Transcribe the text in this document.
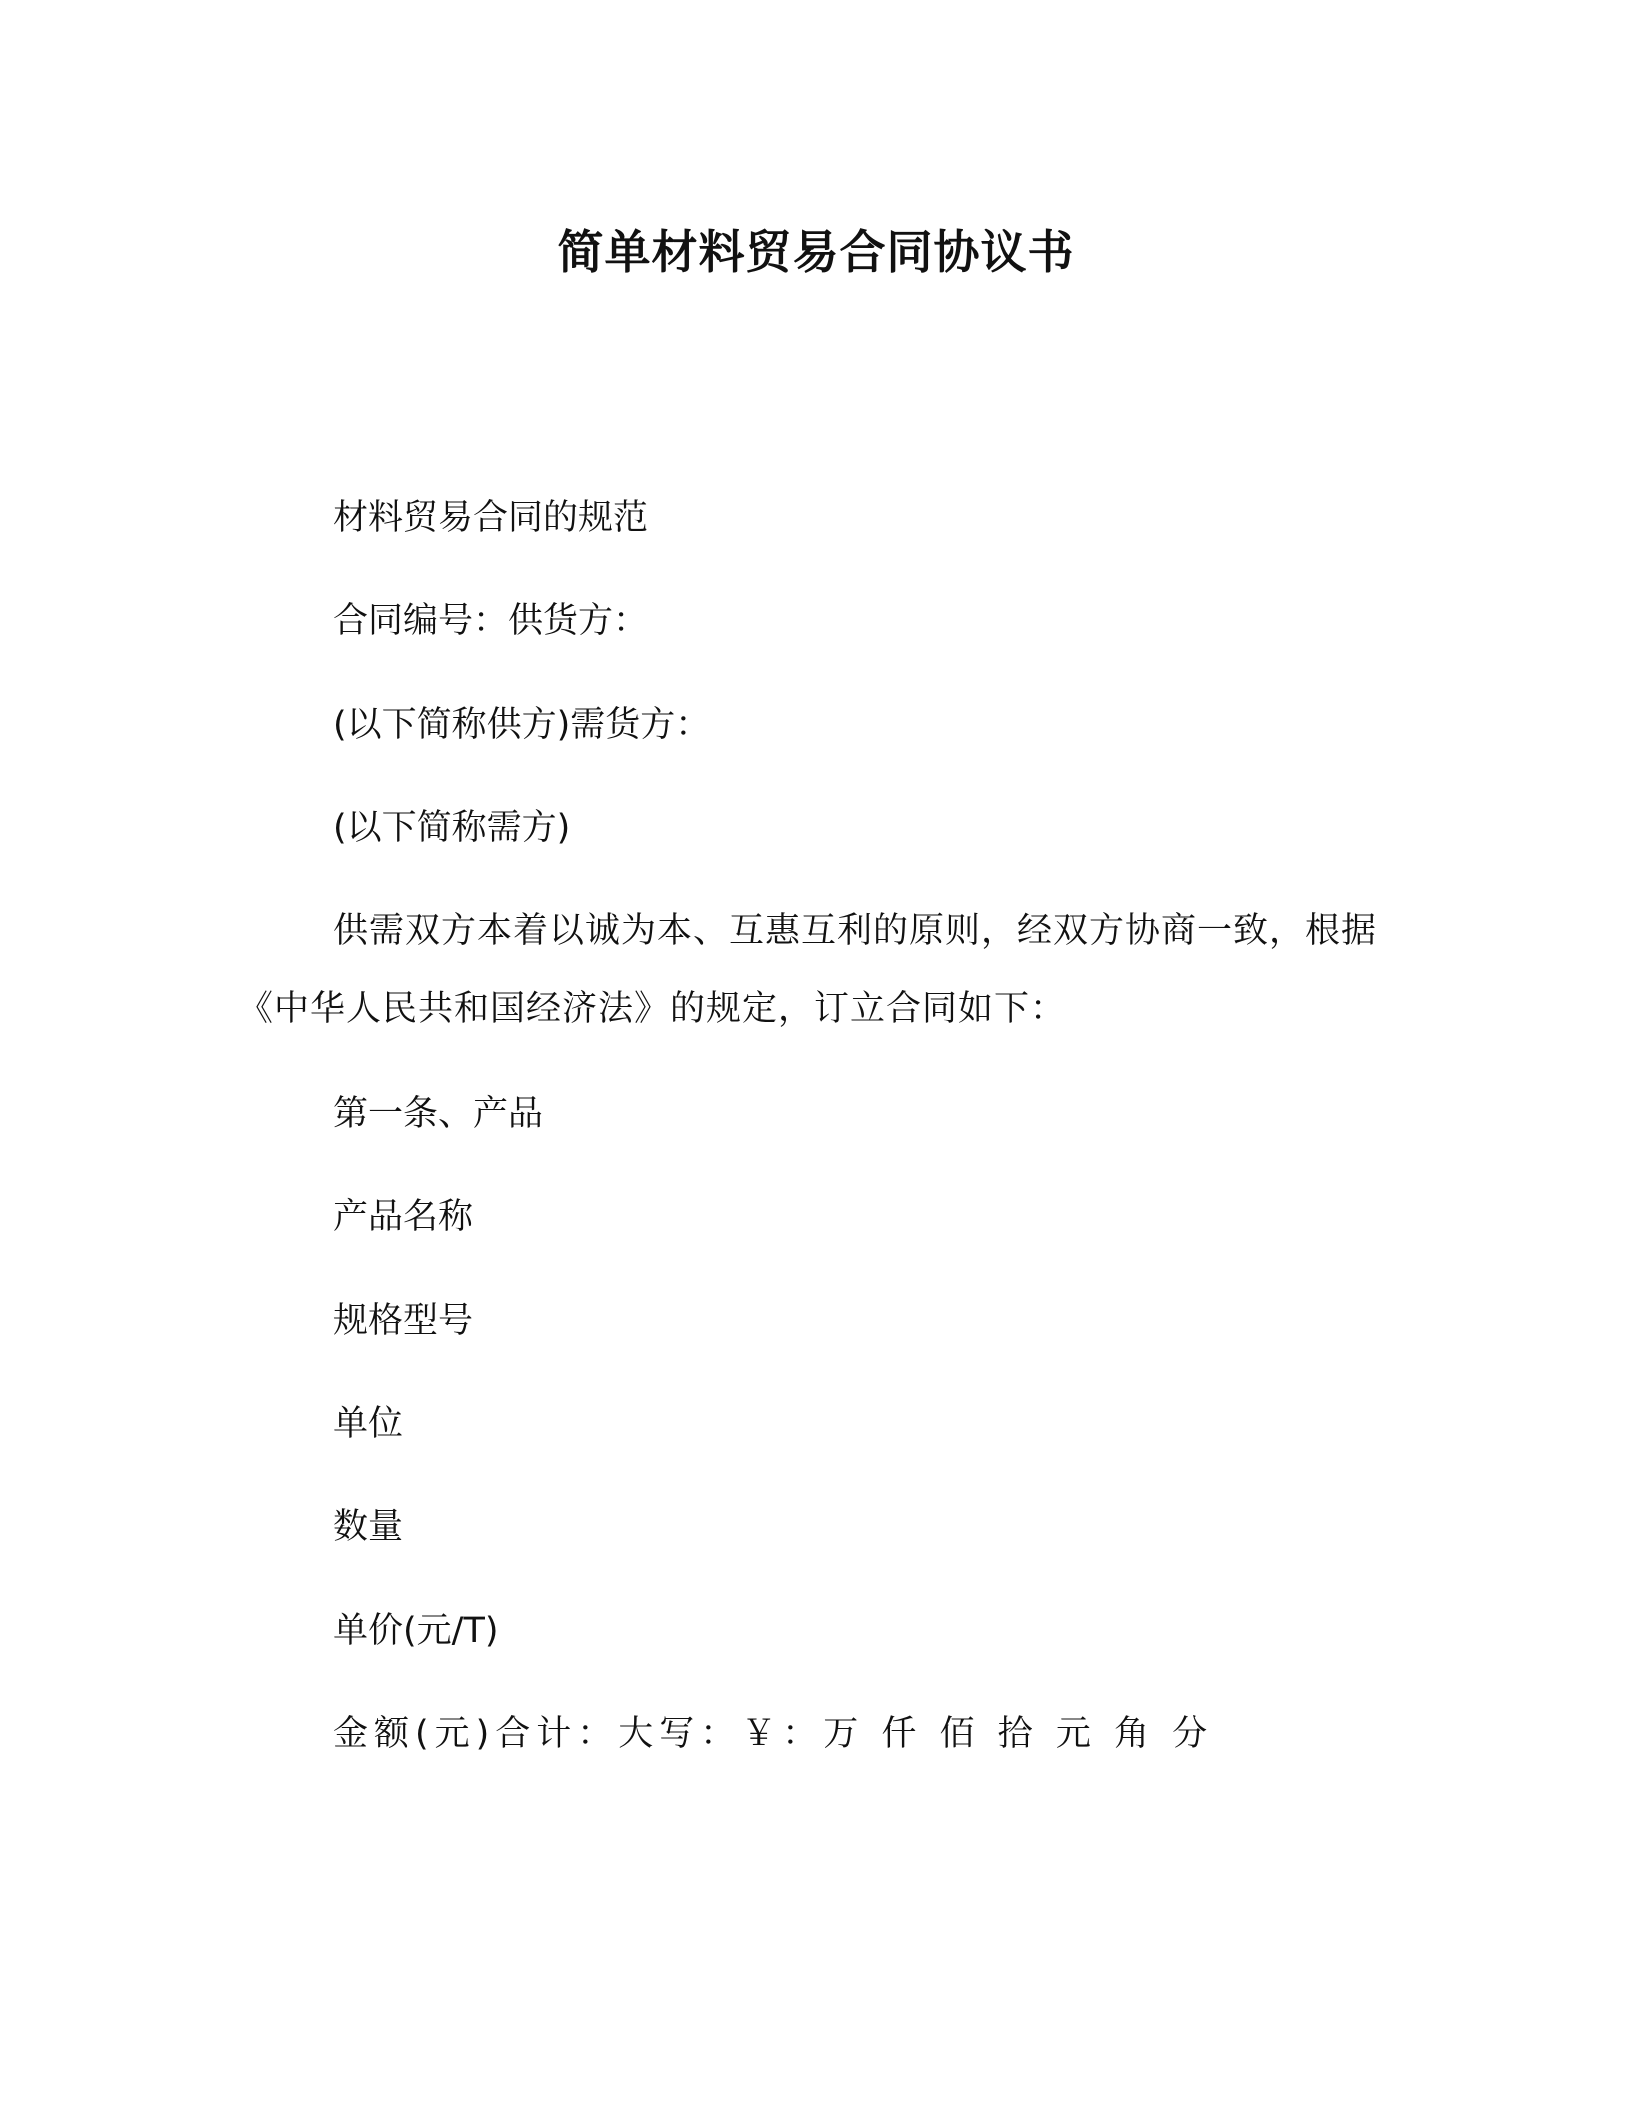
简单材料贸易合同协议书
材料贸易合同的规范
合同编号：供货方：
(以下简称供方)需货方：
(以下简称需方)
供需双方本着以诚为本、互惠互利的原则，经双方协商一致，根据《中华人民共和国经济法》的规定，订立合同如下：
第一条、产品
产品名称
规格型号
单位
数量
单价(元/T)
金额(元)合计：大写：￥：万 仟 佰 拾 元 角 分
